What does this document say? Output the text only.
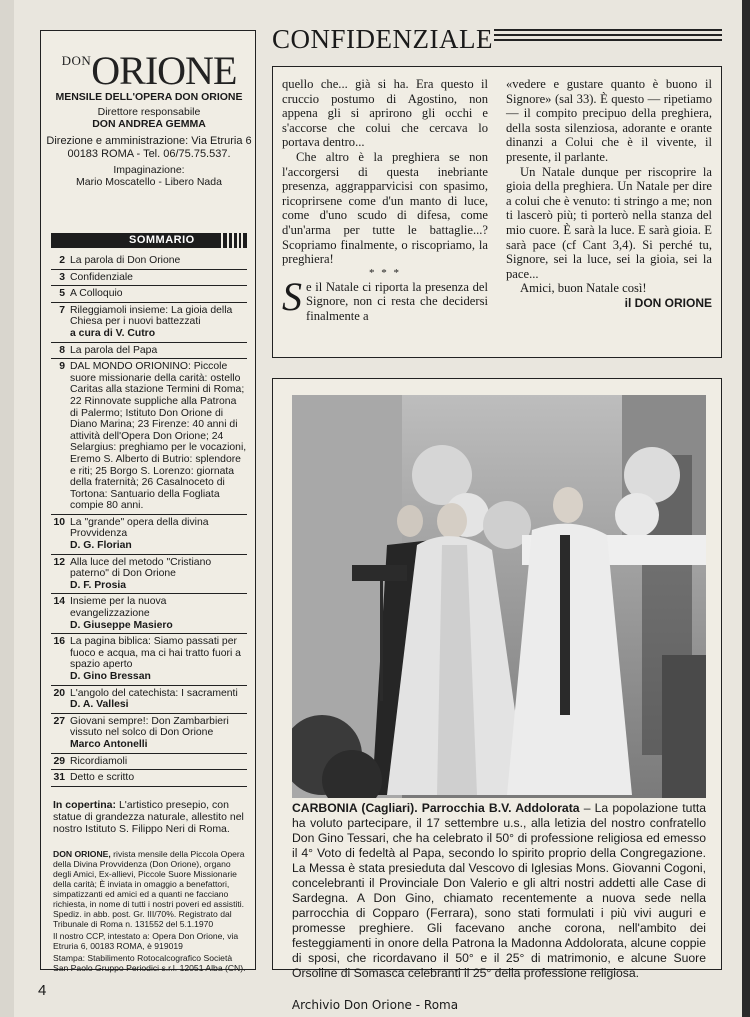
$^{DON}$ORIONE
MENSILE DELL'OPERA DON ORIONE
Direttore responsabile
DON ANDREA GEMMA
Direzione e amministrazione: Via Etruria 6
00183 ROMA - Tel. 06/75.75.537.
Impaginazione:
Mario Moscatello - Libero Nada
SOMMARIO
2 La parola di Don Orione
3 Confidenziale
5 A Colloquio
7 Rileggiamoli insieme: La gioia della Chiesa per i nuovi battezzati
a cura di V. Cutro
8 La parola del Papa
9 DAL MONDO ORIONINO: Piccole suore missionarie della carità: ostello Caritas alla stazione Termini di Roma; 22 Rinnovate suppliche alla Patrona di Palermo; Istituto Don Orione di Diano Marina; 23 Firenze: 40 anni di attività dell'Opera Don Orione; 24 Selargius: preghiamo per le vocazioni, Eremo S. Alberto di Butrio: splendore e riti; 25 Borgo S. Lorenzo: giornata della fraternità; 26 Casalnoceto di Tortona: Santuario della Fogliata compie 80 anni.
10 La "grande" opera della divina Provvidenza
D. G. Florian
12 Alla luce del metodo "Cristiano paterno" di Don Orione
D. F. Prosia
14 Insieme per la nuova evangelizzazione
D. Giuseppe Masiero
16 La pagina biblica: Siamo passati per fuoco e acqua, ma ci hai tratto fuori a spazio aperto
D. Gino Bressan
20 L'angolo del catechista: I sacramenti
D. A. Vallesi
27 Giovani sempre!: Don Zambarbieri vissuto nel solco di Don Orione
Marco Antonelli
29 Ricordiamoli
31 Detto e scritto
In copertina: L'artistico presepio, con statue di grandezza naturale, allestito nel nostro Istituto S. Filippo Neri di Roma.
DON ORIONE, rivista mensile della Piccola Opera della Divina Provvidenza (Don Orione), organo degli Amici, Ex-allievi, Piccole Suore Missionarie della carità; È inviata in omaggio a benefattori, simpatizzanti ed amici ed a quanti ne facciano richiesta, in nome di tutti i nostri poveri ed assistiti.
Spediz. in abb. post. Gr. III/70%. Registrato dal Tribunale di Roma n. 131552 del 5.1.1970
Il nostro CCP, intestato a: Opera Don Orione, via Etruria 6, 00183 ROMA, è 919019
Stampa: Stabilimento Rotocalcografico Società San Paolo Gruppo Periodici s.r.l. 12051 Alba (CN).
CONFIDENZIALE

quello che... già si ha. Era questo il cruccio postumo di Agostino, non appena gli si aprirono gli occhi e s'accorse che colui che cercava lo portava dentro...

Che altro è la preghiera se non l'accorgersi di questa inebriante presenza, aggrapparvicisi con spasimo, ricoprirsene come d'un manto di luce, come d'uno scudo di difesa, come d'un'arma per tutte le battaglie...? Scopriamo finalmente, o riscopriamo, la preghiera!

* * *

Se il Natale ci riporta la presenza del Signore, non ci resta che decidersi finalmente a

«vedere e gustare quanto è buono il Signore» (sal 33). È questo — ripetiamo — il compito precipuo della preghiera, della sosta silenziosa, adorante e orante dinanzi a Colui che è il vivente, il presente, il parlante.

Un Natale dunque per riscoprire la gioia della preghiera. Un Natale per dire a colui che è venuto: ti stringo a me; non ti lascerò più; ti porterò nella stanza del mio cuore. È sarà la luce. E sarà gioia. E sarà pace (cf Cant 3,4). Si perché tu, Signore, sei la luce, sei la gioia, sei la pace...

Amici, buon Natale così!

il DON ORIONE

CARBONIA (Cagliari). Parrocchia B.V. Addolorata – La popolazione tutta ha voluto partecipare, il 17 settembre u.s., alla letizia del nostro confratello Don Gino Tessari, che ha celebrato il 50° di professione religiosa ed emesso il 4° Voto di fedeltà al Papa, secondo lo spirito proprio della Congregazione. La Messa è stata presieduta dal Vescovo di Iglesias Mons. Giovanni Cogoni, concelebranti il Provinciale Don Valerio e gli altri nostri addetti alle Case di Sardegna. A Don Gino, chiamato recentemente a nuova sede nella parrocchia di Copparo (Ferrara), sono stati formulati i più vivi auguri e promesse preghiere. Gli facevano anche corona, nell'ambito dei festeggiamenti in onore della Patrona la Madonna Addolorata, alcune coppie di sposi, che ricordavano il 50° e il 25° di matrimonio, e alcune Suore Orsoline di Somasca celebranti il 25° della professione religiosa.
4
Archivio Don Orione - Roma
